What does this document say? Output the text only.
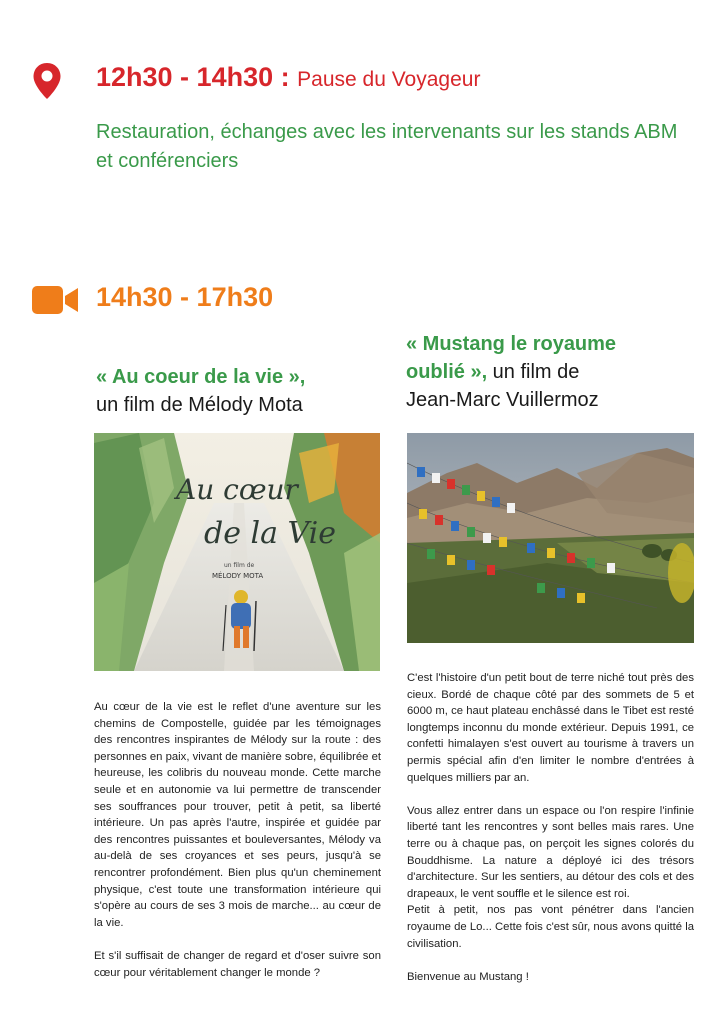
12h30 - 14h30 : Pause du Voyageur
Restauration, échanges avec les intervenants sur les stands ABM et conférenciers
14h30 - 17h30
« Au coeur de la vie »,
un film de Mélody Mota
« Mustang le royaume
oublié », un film de
Jean-Marc Vuillermoz
Au cœur
de la Vie
un film de
MÉLODY MOTA

Au cœur de la vie est le reflet d'une aventure sur les chemins de Compostelle, guidée par les témoignages des rencontres inspirantes de Mélody sur la route : des personnes en paix, vivant de manière sobre, équilibrée et heureuse, les colibris du nouveau monde. Cette marche seule et en autonomie va lui permettre de transcender ses souffrances pour trouver, petit à petit, sa liberté intérieure. Un pas après l'autre, inspirée et guidée par des rencontres puissantes et bouleversantes, Mélody va au-delà de ses croyances et ses peurs, jusqu'à se rencontrer profondément. Bien plus qu'un cheminement physique, c'est toute une transformation intérieure qui s'opère au cours de ses 3 mois de marche... au cœur de la vie.

Et s'il suffisait de changer de regard et d'oser suivre son cœur pour véritablement changer le monde ?

C'est l'histoire d'un petit bout de terre niché tout près des cieux. Bordé de chaque côté par des sommets de 5 et 6000 m, ce haut plateau enchâssé dans le Tibet est resté longtemps inconnu du monde extérieur. Depuis 1991, ce confetti himalayen s'est ouvert au tourisme à travers un permis spécial afin d'en limiter le nombre d'entrées à quelques milliers par an.

Vous allez entrer dans un espace ou l'on respire l'infinie liberté tant les rencontres y sont belles mais rares. Une terre ou à chaque pas, on perçoit les signes colorés du Bouddhisme. La nature a déployé ici des trésors d'architecture. Sur les sentiers, au détour des cols et des drapeaux, le vent souffle et le silence est roi.

Petit à petit, nos pas vont pénétrer dans l'ancien royaume de Lo... Cette fois c'est sûr, nous avons quitté la civilisation.

Bienvenue au Mustang !
